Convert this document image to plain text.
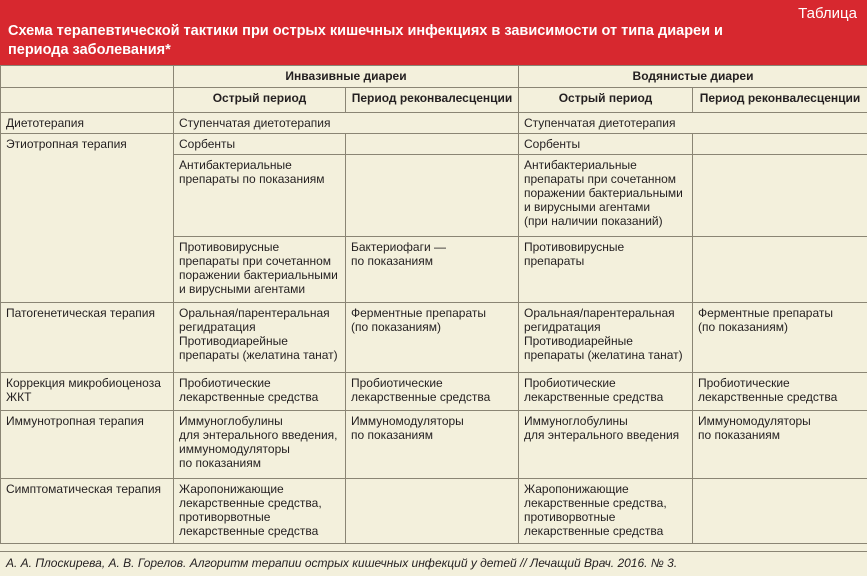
Схема терапевтической тактики при острых кишечных инфекциях в зависимости от типа диареи и периода заболевания*
Таблица
	Инвазивные диареи		Водянистые диареи	
	Острый период	Период реконвалесценции	Острый период	Период реконвалесценции
Диетотерапия	Ступенчатая диетотерапия		Ступенчатая диетотерапия	
Этиотропная терапия	Сорбенты		Сорбенты	
	Антибактериальные
препараты по показаниям		Антибактериальные
препараты при сочетанном
поражении бактериальными
и вирусными агентами
(при наличии показаний)	
	Противовирусные
препараты при сочетанном
поражении бактериальными
и вирусными агентами	Бактериофаги —
по показаниям	Противовирусные
препараты	
Патогенетическая терапия	Оральная/парентеральная
регидратация
Противодиарейные
препараты (желатина танат)	Ферментные препараты
(по показаниям)	Оральная/парентеральная
регидратация
Противодиарейные
препараты (желатина танат)	Ферментные препараты
(по показаниям)
Коррекция микробиоценоза
ЖКТ	Пробиотические
лекарственные средства	Пробиотические
лекарственные средства	Пробиотические
лекарственные средства	Пробиотические
лекарственные средства
Иммунотропная терапия	Иммуноглобулины
для энтерального введения,
иммуномодуляторы
по показаниям	Иммуномодуляторы
по показаниям	Иммуноглобулины
для энтерального введения	Иммуномодуляторы
по показаниям
Симптоматическая терапия	Жаропонижающие
лекарственные средства,
противорвотные
лекарственные средства		Жаропонижающие
лекарственные средства,
противорвотные
лекарственные средства	
А. А. Плоскирева, А. В. Горелов. Алгоритм терапии острых кишечных инфекций у детей // Лечащий Врач. 2016. № 3.
